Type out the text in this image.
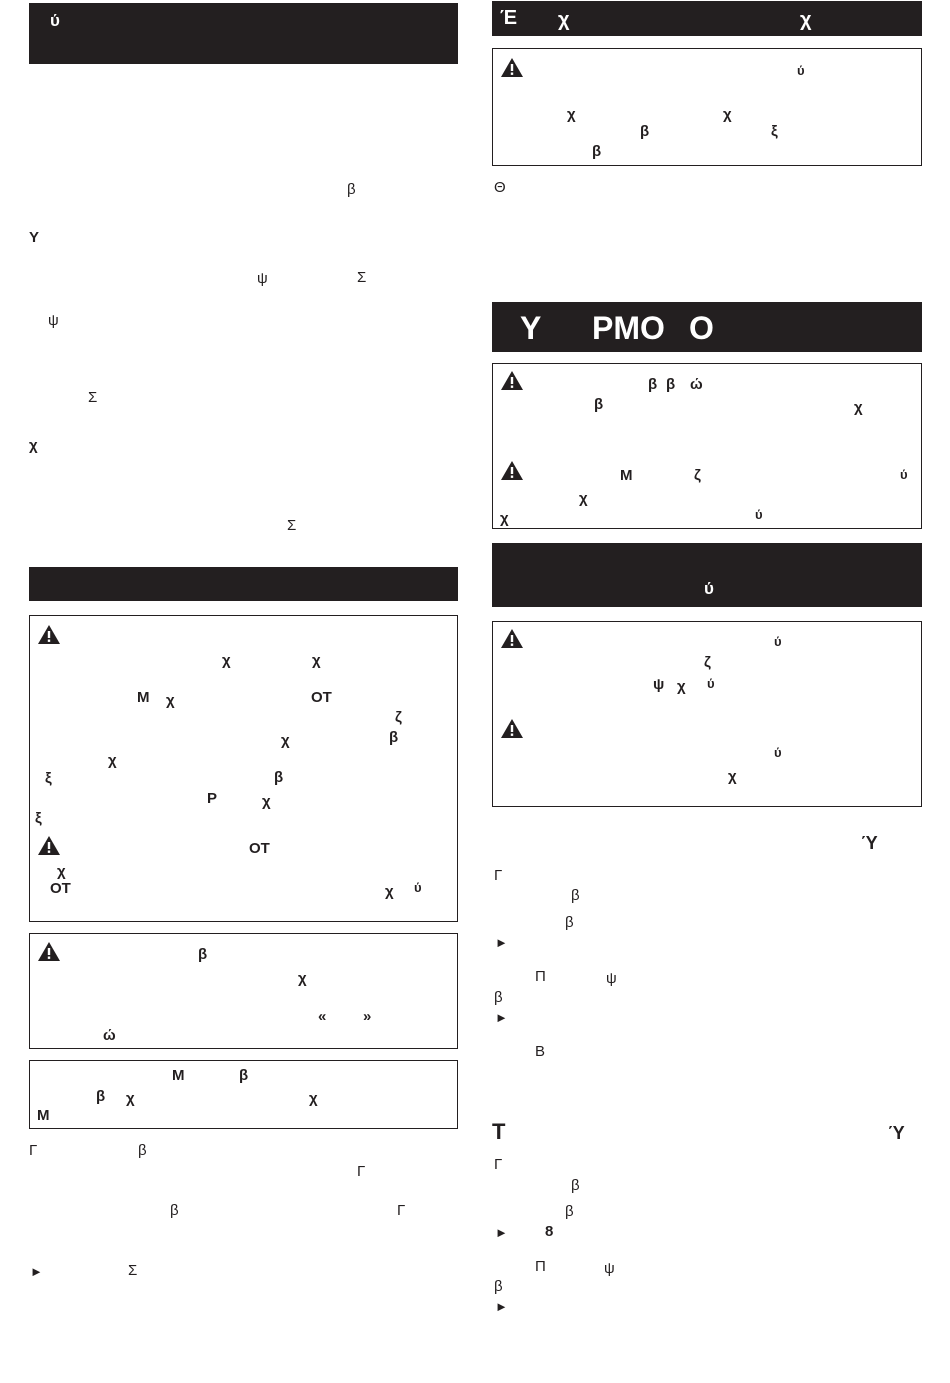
ύ
β
Υ
ψ	Σ
ψ
Σ
χ
Σ
χ	χ
Μ χ	ΟΤ
ζ
χ	β
χ
ξ	β
Ρ	χ
ξ
ΟΤ
χ
ΟΤ	χ ύ
β
χ
« »
ώ
Μ	β
β χ	χ
Μ
Γ	β
Γ
β	Γ
►	Σ
Έ χ	χ
ύ
χ	χ
β	ξ
β
Θ
Υ ΡΜΟ Ο
β β ώ
β	χ
Μ	ζ	ύ
χ
χ	ύ
ύ
ύ
ζ
ψ χ ύ
ύ
χ
Ύ
Γ
β
β
►
Π	ψ
β
►
Β
Τ	Ύ
Γ
β
β
► 8
Π	ψ
β
►
